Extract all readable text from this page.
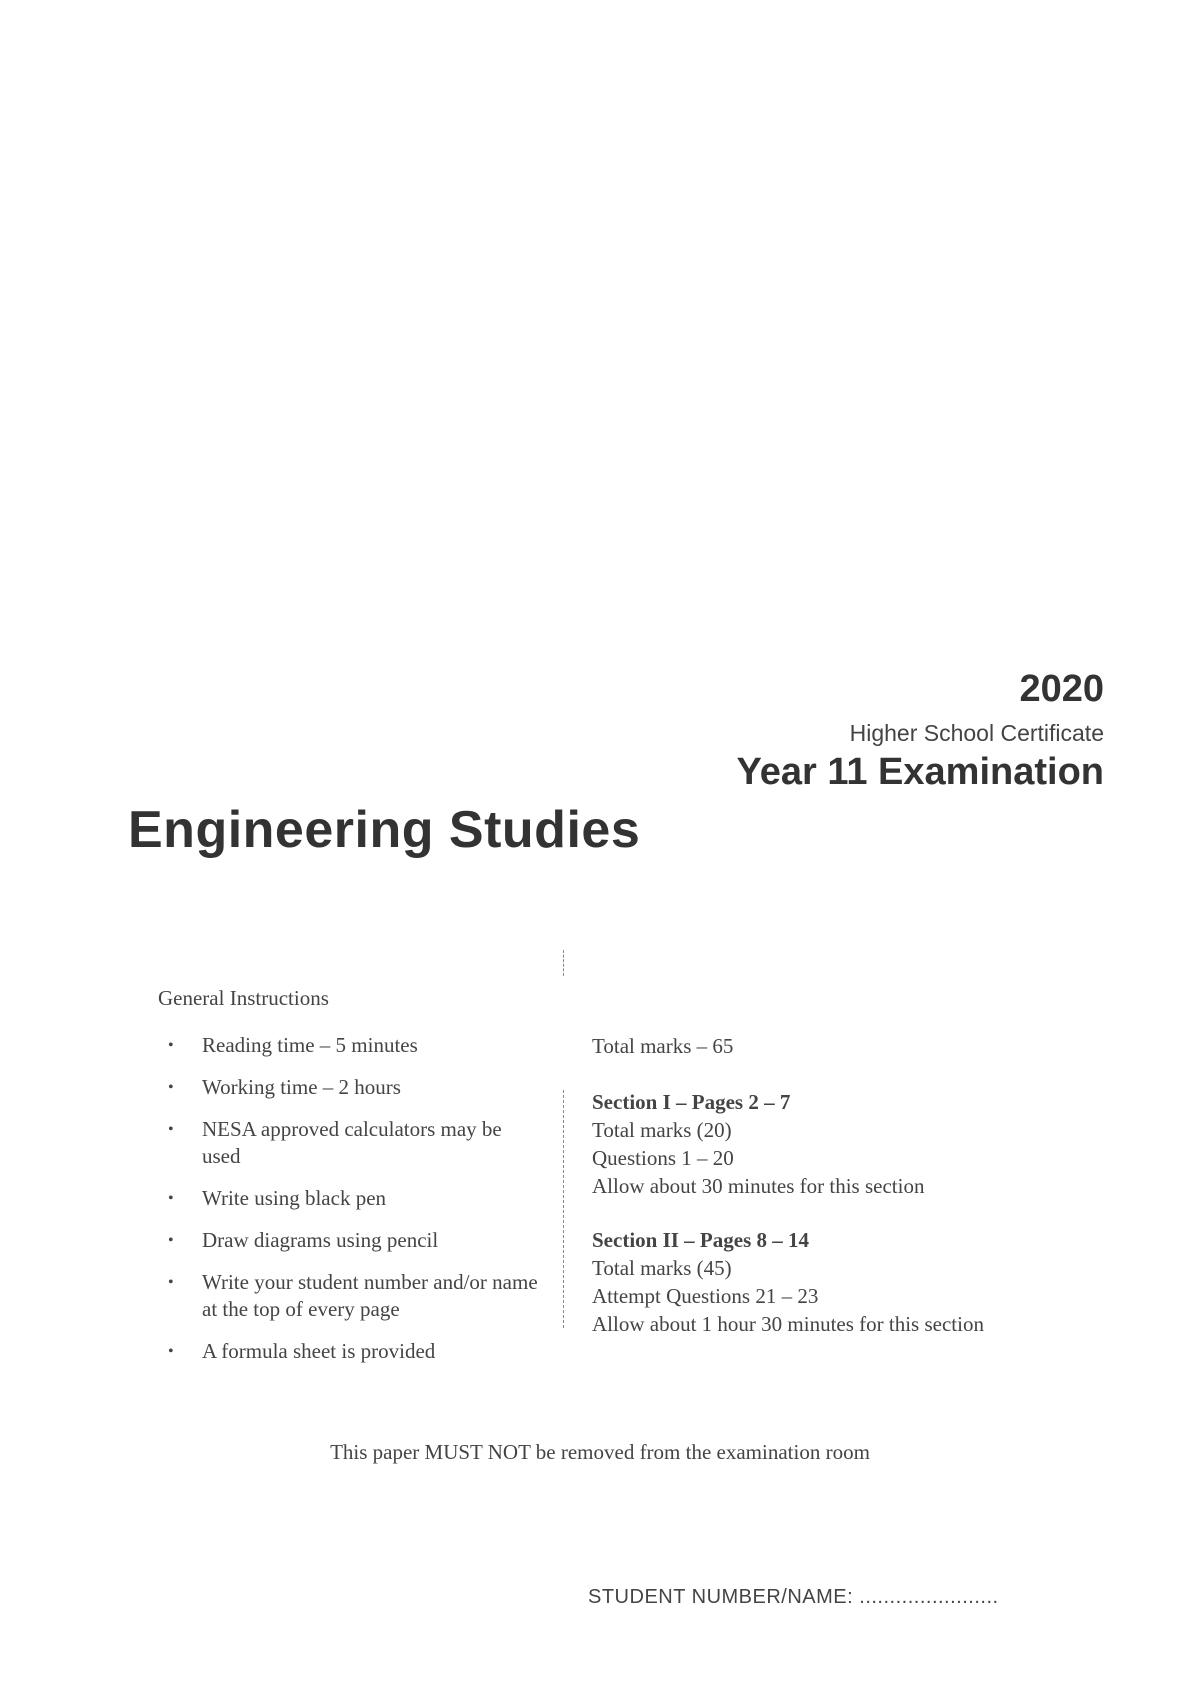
2020
Higher School Certificate
Year 11 Examination
Engineering Studies
General Instructions
• Reading time – 5 minutes
• Working time – 2 hours
• NESA approved calculators may be used
• Write using black pen
• Draw diagrams using pencil
• Write your student number and/or name at the top of every page
• A formula sheet is provided

Total marks – 65

Section I – Pages 2 – 7

Total marks (20)

Questions 1 – 20

Allow about 30 minutes for this section

Section II – Pages 8 – 14

Total marks (45)

Attempt Questions 21 – 23

Allow about 1 hour 30 minutes for this section

This paper MUST NOT be removed from the examination room
STUDENT NUMBER/NAME: .......................
